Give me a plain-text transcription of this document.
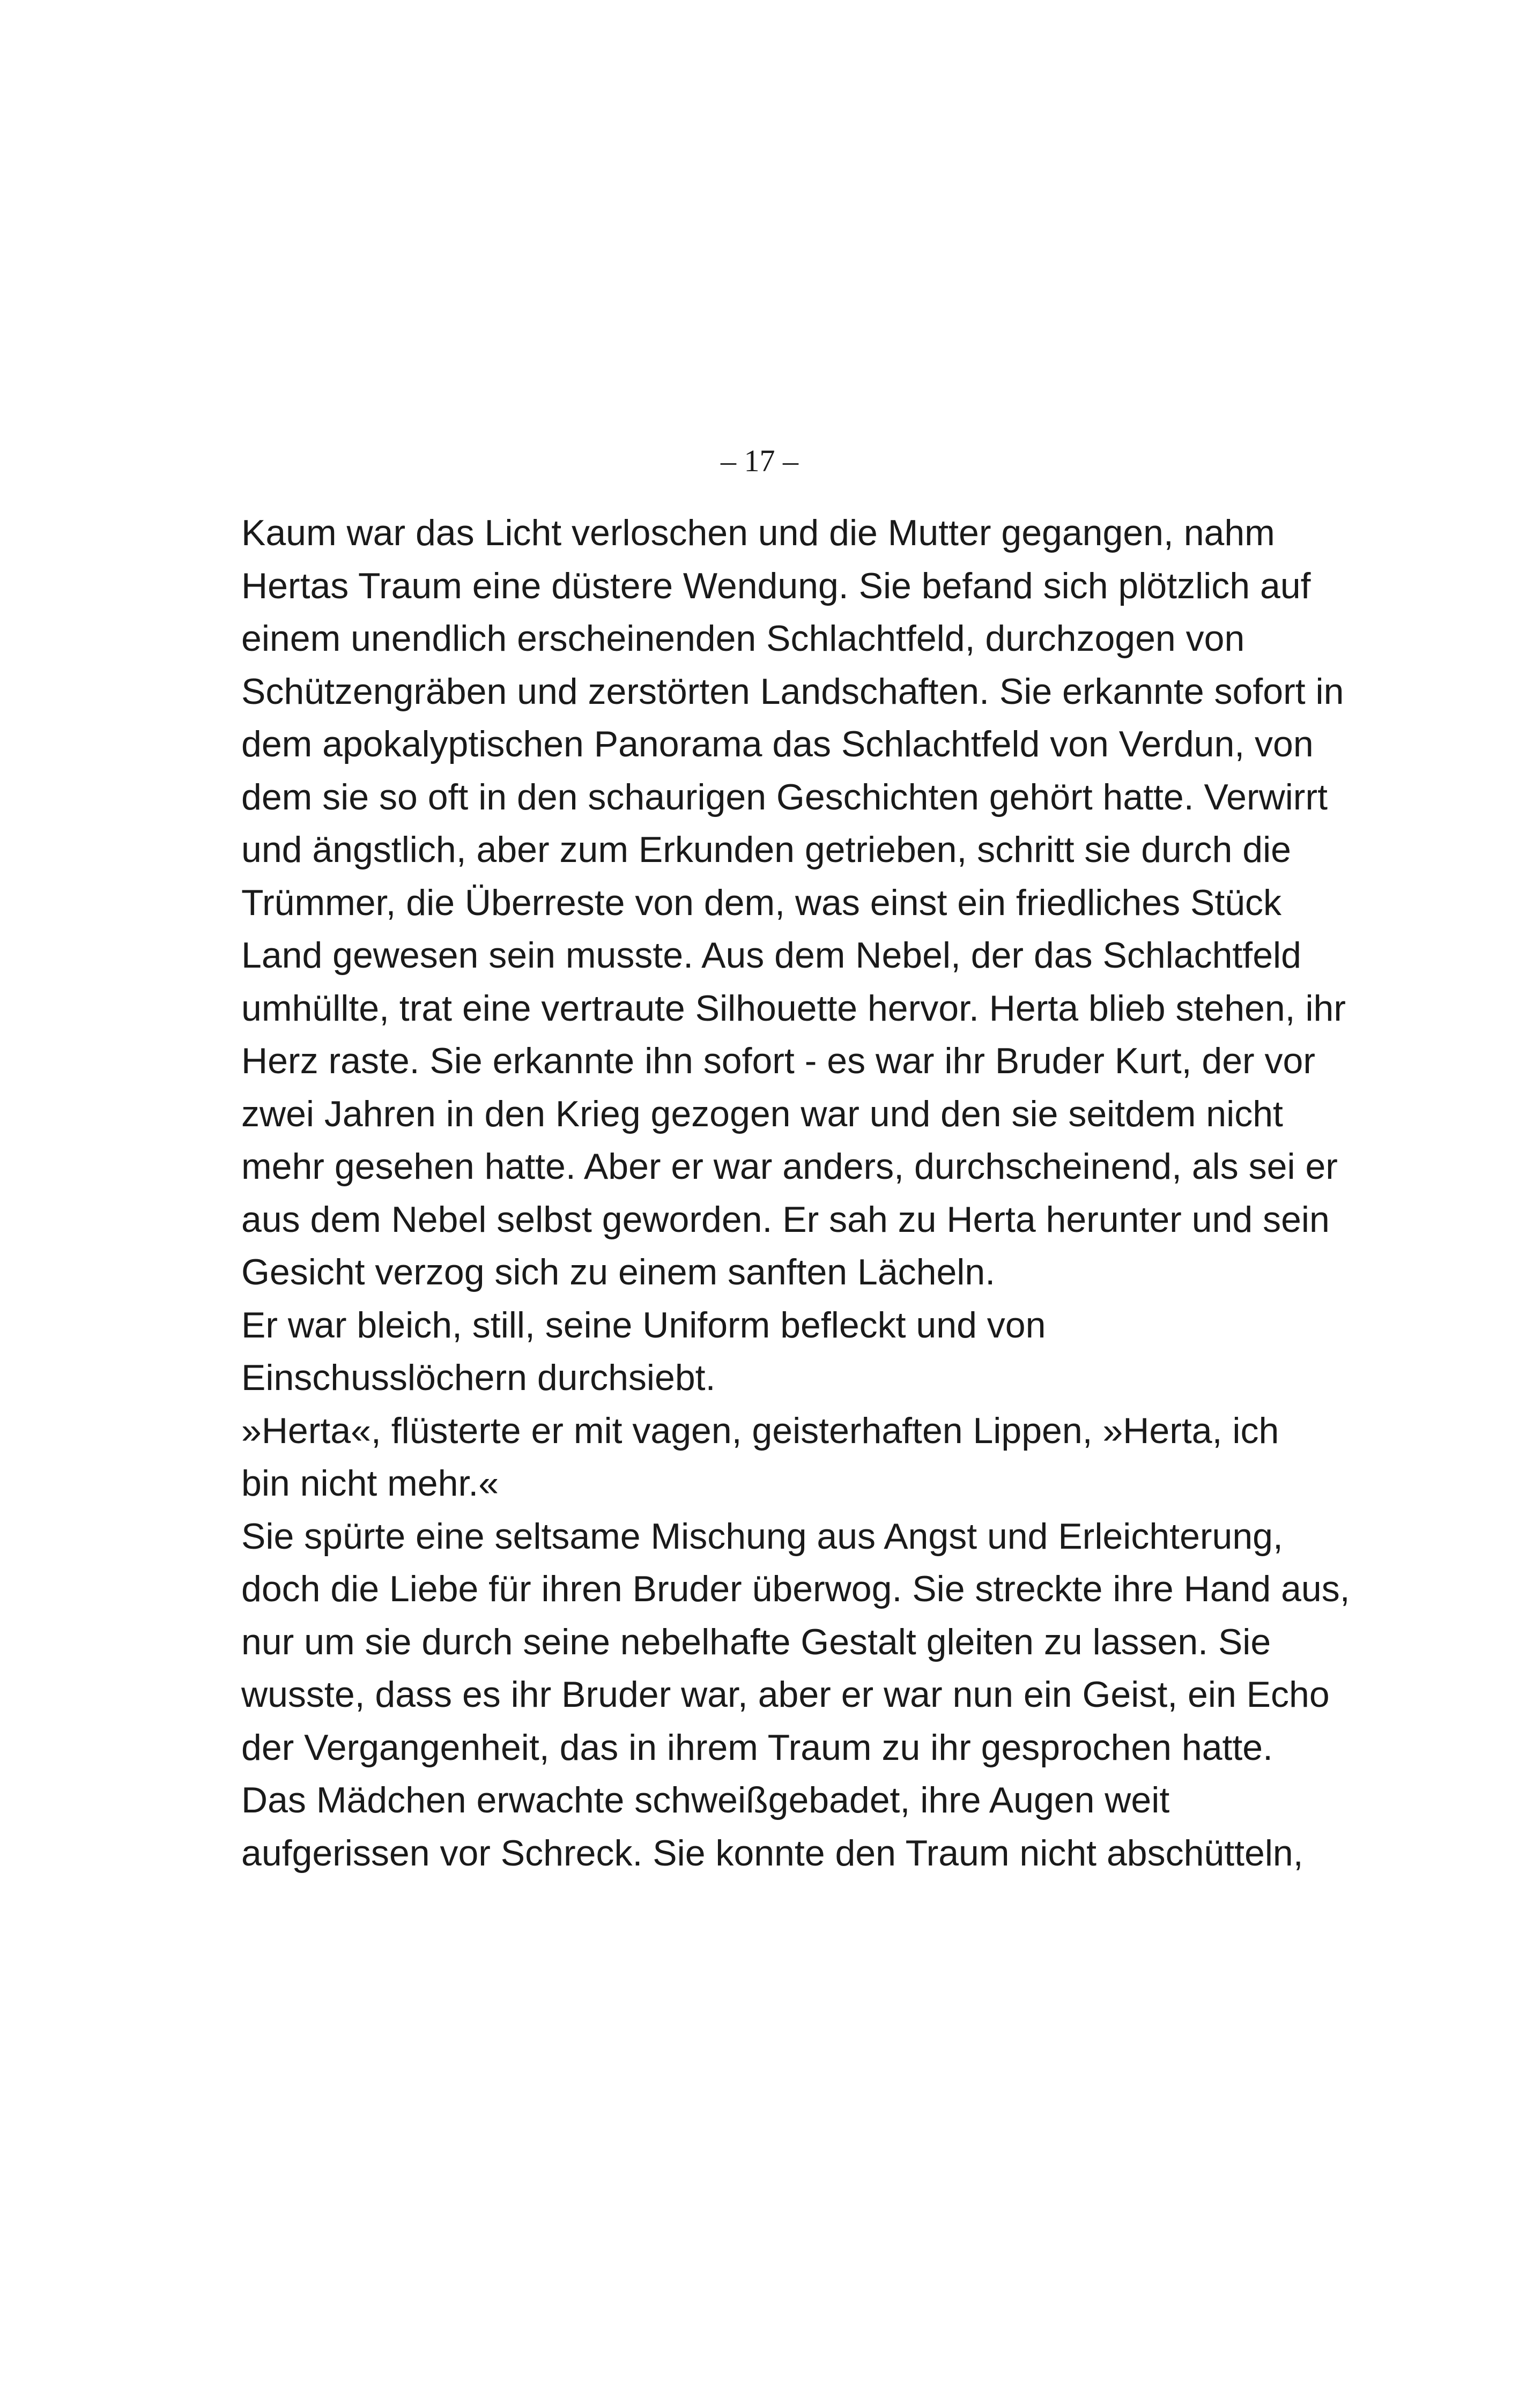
– 17 –
Kaum war das Licht verloschen und die Mutter gegangen, nahm
Hertas Traum eine düstere Wendung. Sie befand sich plötzlich auf
einem unendlich erscheinenden Schlachtfeld, durchzogen von
Schützengräben und zerstörten Landschaften. Sie erkannte sofort in
dem apokalyptischen Panorama das Schlachtfeld von Verdun, von
dem sie so oft in den schaurigen Geschichten gehört hatte. Verwirrt
und ängstlich, aber zum Erkunden getrieben, schritt sie durch die
Trümmer, die Überreste von dem, was einst ein friedliches Stück
Land gewesen sein musste. Aus dem Nebel, der das Schlachtfeld
umhüllte, trat eine vertraute Silhouette hervor. Herta blieb stehen, ihr
Herz raste. Sie erkannte ihn sofort - es war ihr Bruder Kurt, der vor
zwei Jahren in den Krieg gezogen war und den sie seitdem nicht
mehr gesehen hatte. Aber er war anders, durchscheinend, als sei er
aus dem Nebel selbst geworden. Er sah zu Herta herunter und sein
Gesicht verzog sich zu einem sanften Lächeln.
Er war bleich, still, seine Uniform befleckt und von
Einschusslöchern durchsiebt.
»Herta«, flüsterte er mit vagen, geisterhaften Lippen, »Herta, ich
bin nicht mehr.«
Sie spürte eine seltsame Mischung aus Angst und Erleichterung,
doch die Liebe für ihren Bruder überwog. Sie streckte ihre Hand aus,
nur um sie durch seine nebelhafte Gestalt gleiten zu lassen. Sie
wusste, dass es ihr Bruder war, aber er war nun ein Geist, ein Echo
der Vergangenheit, das in ihrem Traum zu ihr gesprochen hatte.
Das Mädchen erwachte schweißgebadet, ihre Augen weit
aufgerissen vor Schreck. Sie konnte den Traum nicht abschütteln,
